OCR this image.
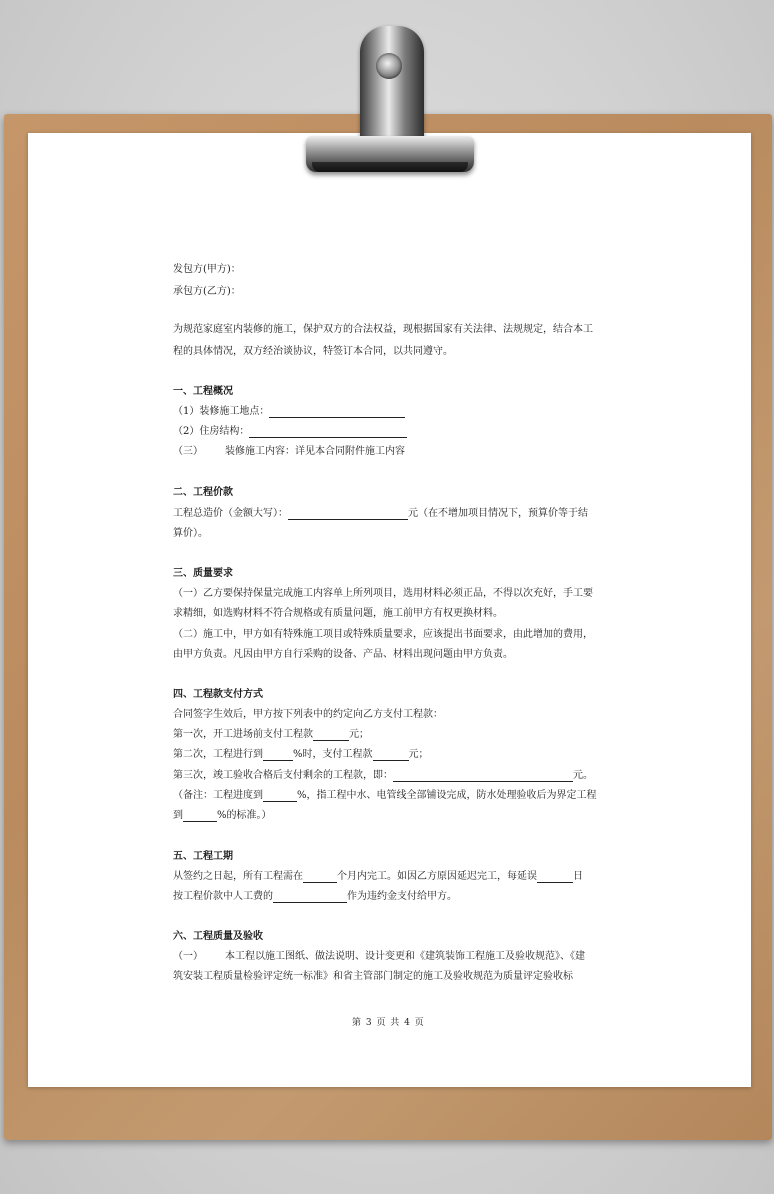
发包方(甲方)：
承包方(乙方)：
为规范家庭室内装修的施工，保护双方的合法权益，现根据国家有关法律、法规规定，结合本工
程的具体情况，双方经治谈协议，特签订本合同，以共同遵守。
一、工程概况
（1）装修施工地点：
（2）住房结构：
（三） 装修施工内容：详见本合同附件施工内容
二、工程价款
工程总造价（金额大写）：	元（在不增加项目情况下，预算价等于结
算价）。
三、质量要求
（一）乙方要保持保量完成施工内容单上所列项目，选用材料必须正品，不得以次充好，手工要
求精细，如选购材料不符合规格或有质量问题，施工前甲方有权更换材料。
（二）施工中，甲方如有特殊施工项目或特殊质量要求，应该提出书面要求，由此增加的费用，
由甲方负责。凡因由甲方自行采购的设备、产品、材料出现问题由甲方负责。
四、工程款支付方式
合同签字生效后，甲方按下列表中的约定向乙方支付工程款：
第一次，开工进场前支付工程款	元；
第二次，工程进行到	%时，支付工程款	元；
第三次，竣工验收合格后支付剩余的工程款，即：	元。
（备注：工程进度到	%，指工程中水、电管线全部铺设完成，防水处理验收后为界定工程
到	%的标准。）
五、工程工期
从签约之日起，所有工程需在	个月内完工。如因乙方原因延迟完工，每延误	日
按工程价款中人工费的	作为违约金支付给甲方。
六、工程质量及验收
（一） 本工程以施工图纸、做法说明、设计变更和《建筑装饰工程施工及验收规范》、《建
筑安装工程质量检验评定统一标准》和省主管部门制定的施工及验收规范为质量评定验收标
第 3 页 共 4 页
